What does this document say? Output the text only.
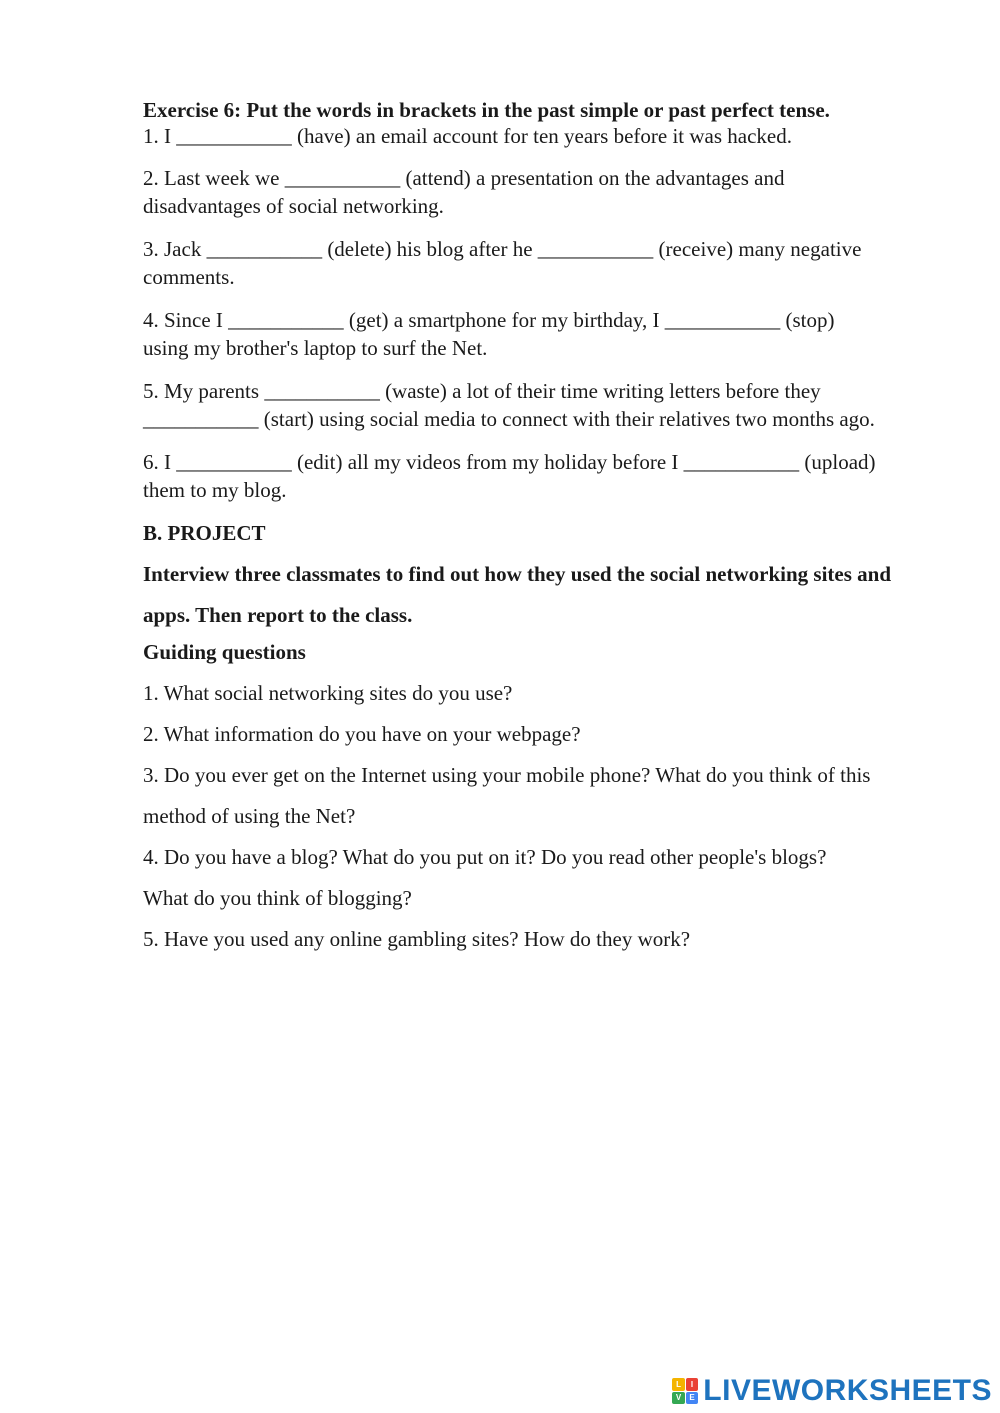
Exercise 6: Put the words in brackets in the past simple or past perfect tense.

1. I ___________ (have) an email account for ten years before it was hacked.

2. Last week we ___________ (attend) a presentation on the advantages and disadvantages of social networking.

3. Jack ___________ (delete) his blog after he ___________ (receive) many negative comments.

4. Since I ___________ (get) a smartphone for my birthday, I ___________ (stop) using my brother's laptop to surf the Net.

5. My parents ___________ (waste) a lot of their time writing letters before they ___________ (start) using social media to connect with their relatives two months ago.

6. I ___________ (edit) all my videos from my holiday before I ___________ (upload) them to my blog.

B. PROJECT

Interview three classmates to find out how they used the social networking sites and apps. Then report to the class.

Guiding questions

1. What social networking sites do you use?

2. What information do you have on your webpage?

3. Do you ever get on the Internet using your mobile phone? What do you think of this method of using the Net?

4. Do you have a blog? What do you put on it? Do you read other people's blogs? What do you think of blogging?

5. Have you used any online gambling sites? How do they work?

L	I
V	E LIVEWORKSHEETS
